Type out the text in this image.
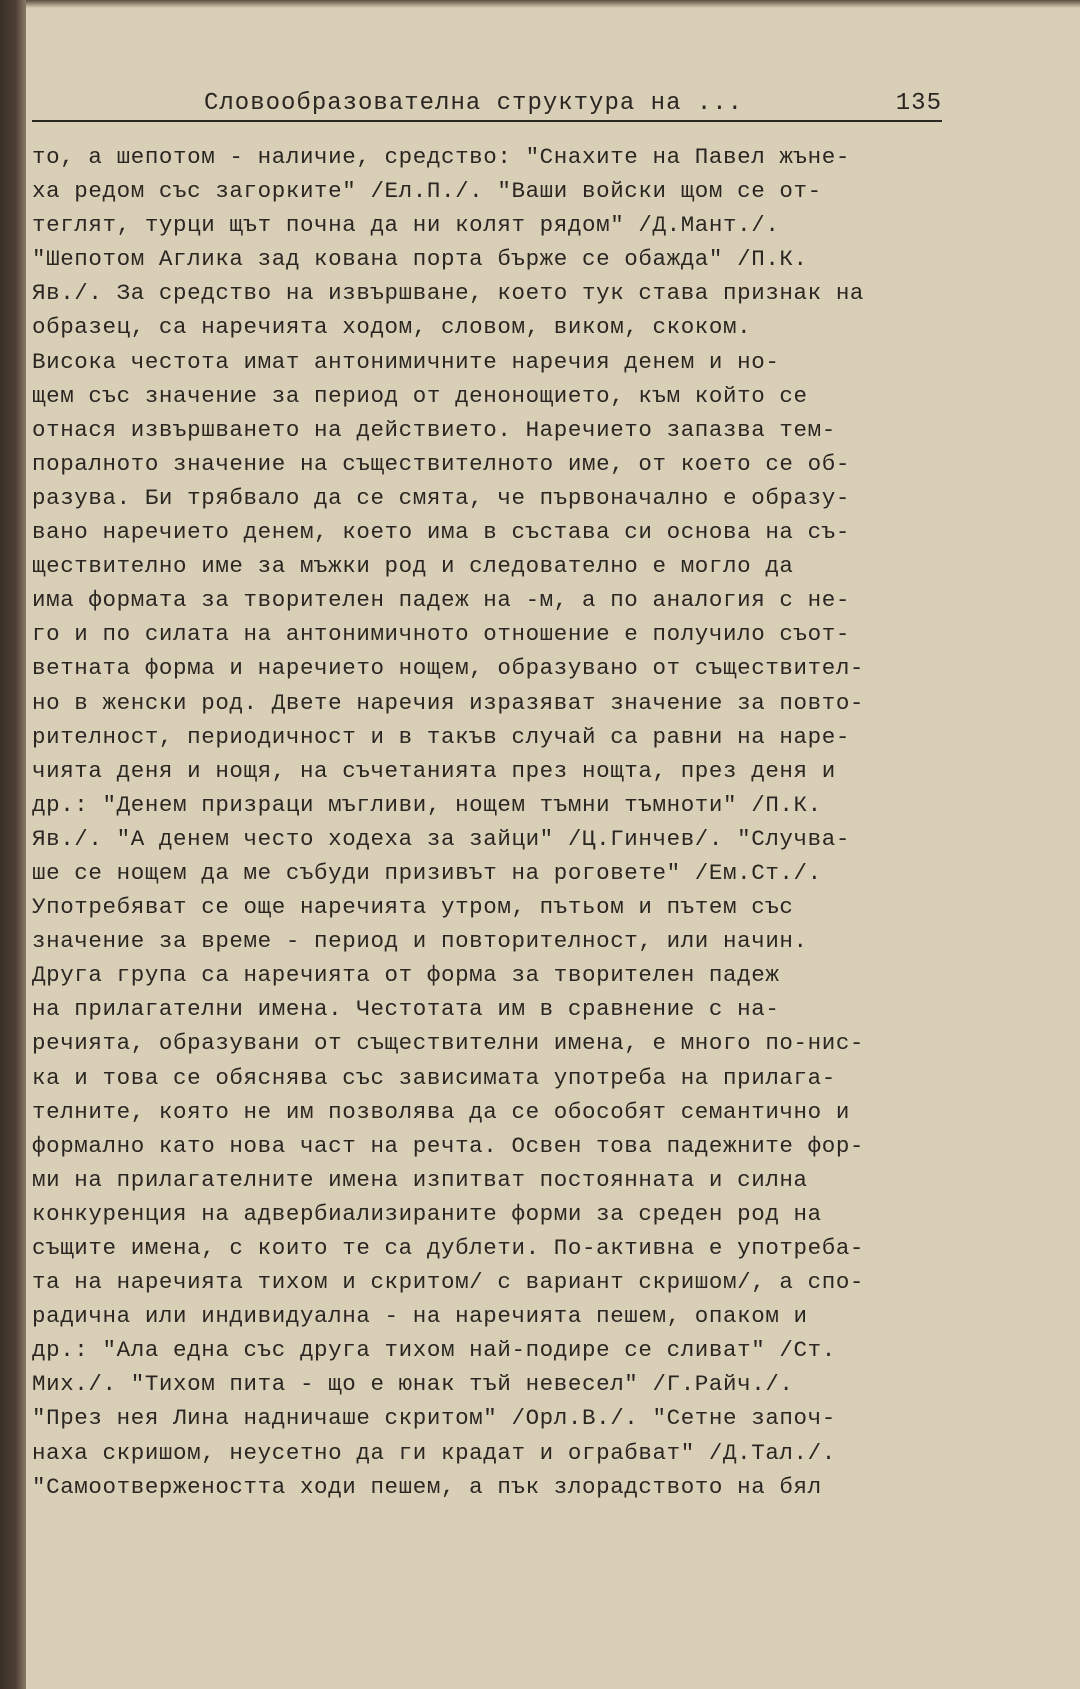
Словообразователна структура на ...	135
то, а шепотом - наличие, средство: "Снахите на Павел жъне-
ха редом със загорките" /Ел.П./. "Ваши войски щом се от-
теглят, турци щът почна да ни колят рядом" /Д.Мант./.
"Шепотом Аглика зад кована порта бърже се обажда" /П.К.
Яв./. За средство на извършване, което тук става признак на
образец, са наречията ходом, словом, виком, скоком.
Висока честота имат антонимичните наречия денем и но-
щем със значение за период от денонощието, към който се
отнася извършването на действието. Наречието запазва тем-
поралното значение на съществителното име, от което се об-
разува. Би трябвало да се смята, че първоначално е образу-
вано наречието денем, което има в състава си основа на съ-
ществително име за мъжки род и следователно е могло да
има формата за творителен падеж на -м, а по аналогия с не-
го и по силата на антонимичното отношение е получило съот-
ветната форма и наречието нощем, образувано от съществител-
но в женски род. Двете наречия изразяват значение за повто-
рителност, периодичност и в такъв случай са равни на наре-
чията деня и нощя, на съчетанията през нощта, през деня и
др.: "Денем призраци мъгливи, нощем тъмни тъмноти" /П.К.
Яв./. "А денем често ходеха за зайци" /Ц.Гинчев/. "Случва-
ше се нощем да ме събуди призивът на роговете" /Ем.Ст./.
Употребяват се още наречията утром, пътьом и пътем със
значение за време - период и повторителност, или начин.
Друга група са наречията от форма за творителен падеж
на прилагателни имена. Честотата им в сравнение с на-
речията, образувани от съществителни имена, е много по-нис-
ка и това се обяснява със зависимата употреба на прилага-
телните, която не им позволява да се обособят семантично и
формално като нова част на речта. Освен това падежните фор-
ми на прилагателните имена изпитват постоянната и силна
конкуренция на адвербиализираните форми за среден род на
същите имена, с които те са дублети. По-активна е употреба-
та на наречията тихом и скритом/ с вариант скришом/, а спо-
радична или индивидуална - на наречията пешем, опаком и
др.: "Ала една със друга тихом най-подире се сливат" /Ст.
Мих./. "Тихом пита - що е юнак тъй невесел" /Г.Райч./.
"През нея Лина надничаше скритом" /Орл.В./. "Сетне започ-
наха скришом, неусетно да ги крадат и ограбват" /Д.Тал./.
"Самоотвержеността ходи пешем, а пък злорадството на бял
